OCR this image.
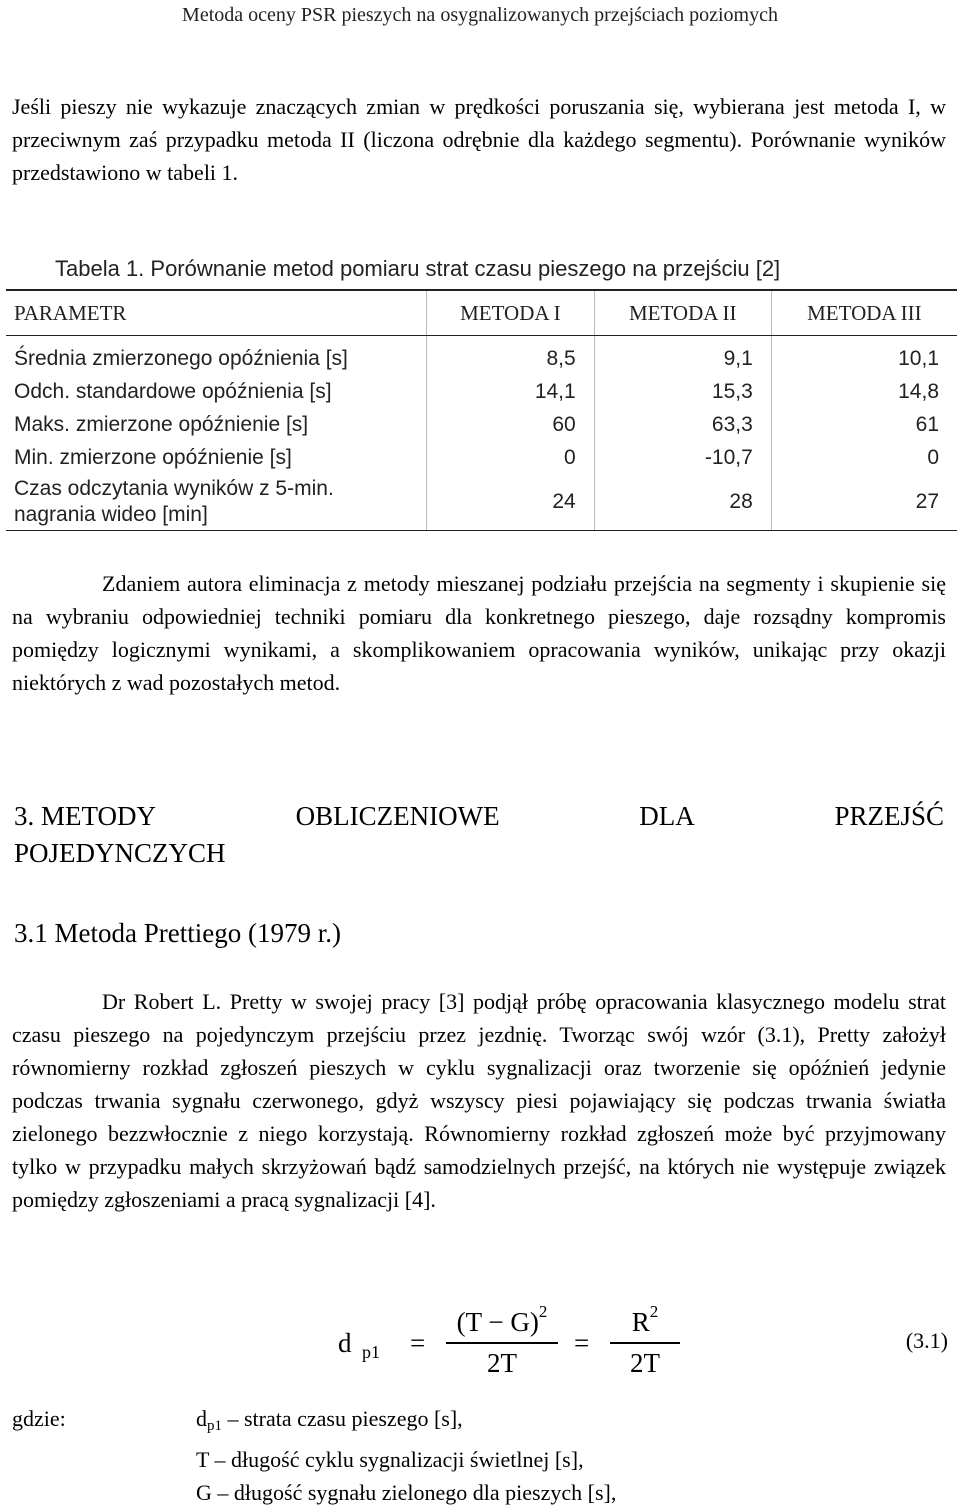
Metoda oceny PSR pieszych na osygnalizowanych przejściach poziomych

Jeśli pieszy nie wykazuje znaczących zmian w prędkości poruszania się, wybierana jest metoda I, w przeciwnym zaś przypadku metoda II (liczona odrębnie dla każdego segmentu). Porównanie wyników przedstawiono w tabeli 1.

Tabela 1. Porównanie metod pomiaru strat czasu pieszego na przejściu [2]
PARAMETR	METODA I	METODA II	METODA III
Średnia zmierzonego opóźnienia [s]	8,5	9,1	10,1
Odch. standardowe opóźnienia [s]	14,1	15,3	14,8
Maks. zmierzone opóźnienie [s]	60	63,3	61
Min. zmierzone opóźnienie [s]	0	-10,7	0
Czas odczytania wyników z 5-min. nagrania wideo [min]	24	28	27

Zdaniem autora eliminacja z metody mieszanej podziału przejścia na segmenty i skupienie się na wybraniu odpowiedniej techniki pomiaru dla konkretnego pieszego, daje rozsądny kompromis pomiędzy logicznymi wynikami, a skomplikowaniem opracowania wyników, unikając przy okazji niektórych z wad pozostałych metod.

3. METODY	OBLICZENIOWE	DLA	PRZEJŚĆ
POJEDYNCZYCH
3.1 Metoda Prettiego (1979 r.)

Dr Robert L. Pretty w swojej pracy [3] podjął próbę opracowania klasycznego modelu strat czasu pieszego na pojedynczym przejściu przez jezdnię. Tworząc swój wzór (3.1), Pretty założył równomierny rozkład zgłoszeń pieszych w cyklu sygnalizacji oraz tworzenie się opóźnień jedynie podczas trwania sygnału czerwonego, gdyż wszyscy piesi pojawiający się podczas trwania światła zielonego bezzwłocznie z niego korzystają. Równomierny rozkład zgłoszeń może być przyjmowany tylko w przypadku małych skrzyżowań bądź samodzielnych przejść, na których nie występuje związek pomiędzy zgłoszeniami a pracą sygnalizacji [4].

d p1 =
$(T - G)^2$
2T
=
$R^2$
2T
(3.1)
gdzie:	dp1 – strata czasu pieszego [s],
T – długość cyklu sygnalizacji świetlnej [s],
G – długość sygnału zielonego dla pieszych [s],
